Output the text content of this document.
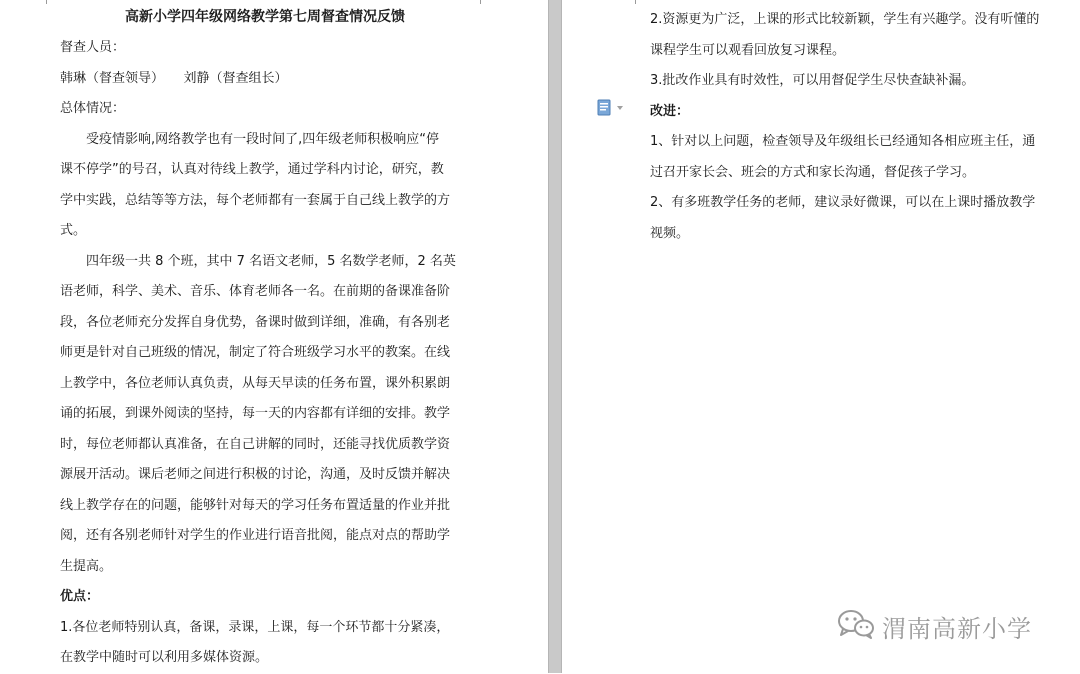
高新小学四年级网络教学第七周督查情况反馈

督查人员：

韩琳（督查领导）　　刘静（督查组长）

总体情况：

受疫情影响,网络教学也有一段时间了,四年级老师积极响应“停

课不停学”的号召，认真对待线上教学，通过学科内讨论，研究，教

学中实践，总结等等方法，每个老师都有一套属于自己线上教学的方

式。

四年级一共 8 个班，其中 7 名语文老师，5 名数学老师，2 名英

语老师，科学、美术、音乐、体育老师各一名。在前期的备课准备阶

段，各位老师充分发挥自身优势，备课时做到详细，准确，有各别老

师更是针对自己班级的情况，制定了符合班级学习水平的教案。在线

上教学中，各位老师认真负责，从每天早读的任务布置，课外积累朗

诵的拓展，到课外阅读的坚持，每一天的内容都有详细的安排。教学

时，每位老师都认真准备，在自己讲解的同时，还能寻找优质教学资

源展开活动。课后老师之间进行积极的讨论，沟通，及时反馈并解决

线上教学存在的问题，能够针对每天的学习任务布置适量的作业并批

阅，还有各别老师针对学生的作业进行语音批阅，能点对点的帮助学

生提高。

优点：

1.各位老师特别认真，备课，录课，上课，每一个环节都十分紧凑，

在教学中随时可以利用多媒体资源。

2.资源更为广泛，上课的形式比较新颖，学生有兴趣学。没有听懂的

课程学生可以观看回放复习课程。

3.批改作业具有时效性，可以用督促学生尽快查缺补漏。

改进：

1、针对以上问题，检查领导及年级组长已经通知各相应班主任，通

过召开家长会、班会的方式和家长沟通，督促孩子学习。

2、有多班教学任务的老师，建议录好微课，可以在上课时播放教学

视频。

渭南高新小学
